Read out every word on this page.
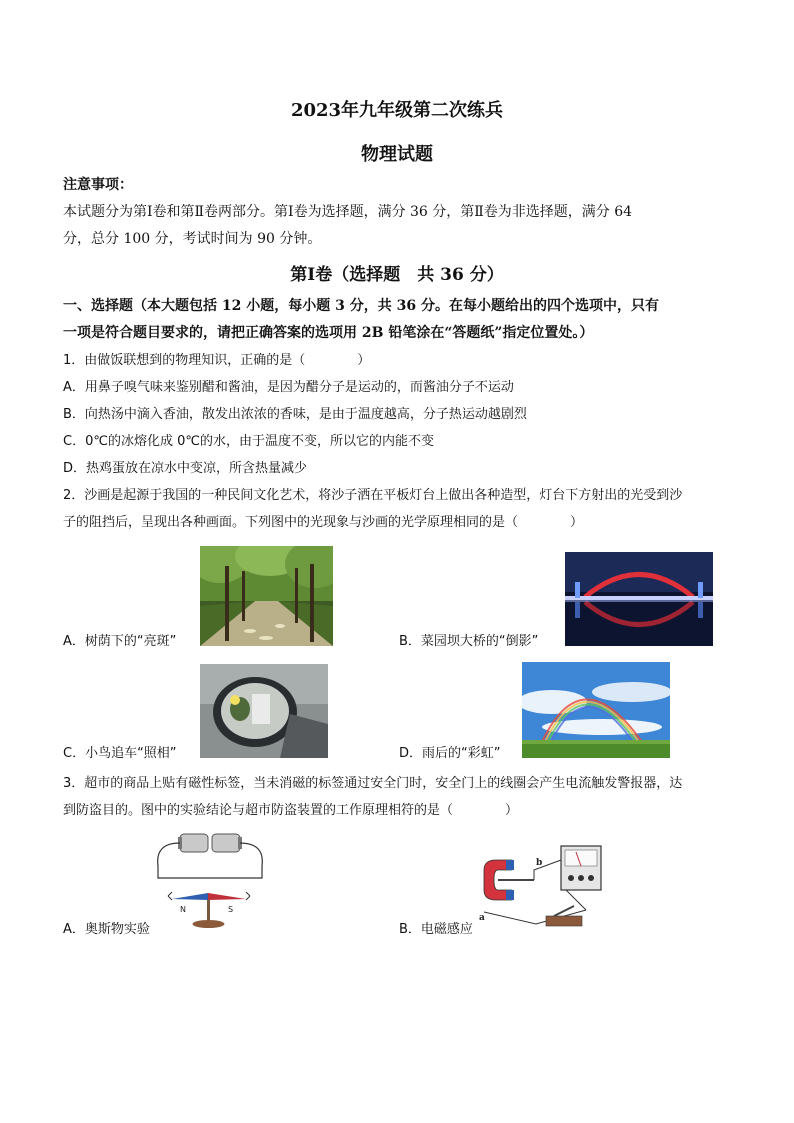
2023年九年级第二次练兵
物理试题
注意事项：
本试题分为第Ⅰ卷和第Ⅱ卷两部分。第Ⅰ卷为选择题，满分 36 分，第Ⅱ卷为非选择题，满分 64
分，总分 100 分，考试时间为 90 分钟。
第Ⅰ卷（选择题　共 36 分）
一、选择题（本大题包括 12 小题，每小题 3 分，共 36 分。在每小题给出的四个选项中，只有
一项是符合题目要求的，请把正确答案的选项用 2B 铅笔涂在“答题纸”指定位置处。）
1．由做饭联想到的物理知识，正确的是（　　　　）
A．用鼻子嗅气味来鉴别醋和酱油，是因为醋分子是运动的，而酱油分子不运动
B．向热汤中滴入香油，散发出浓浓的香味，是由于温度越高，分子热运动越剧烈
C．0℃的冰熔化成 0℃的水，由于温度不变，所以它的内能不变
D．热鸡蛋放在凉水中变凉，所含热量减少
2．沙画是起源于我国的一种民间文化艺术，将沙子洒在平板灯台上做出各种造型，灯台下方射出的光受到沙
子的阻挡后，呈现出各种画面。下列图中的光现象与沙画的光学原理相同的是（　　　　）
A．树荫下的“亮斑”	B．菜园坝大桥的“倒影”
C．小鸟追车“照相”	D．雨后的“彩虹”
3．超市的商品上贴有磁性标签，当未消磁的标签通过安全门时，安全门上的线圈会产生电流触发警报器，达
到防盗目的。图中的实验结论与超市防盗装置的工作原理相符的是（　　　　）
N	S
A．奥斯物实验
a
b
B．电磁感应
